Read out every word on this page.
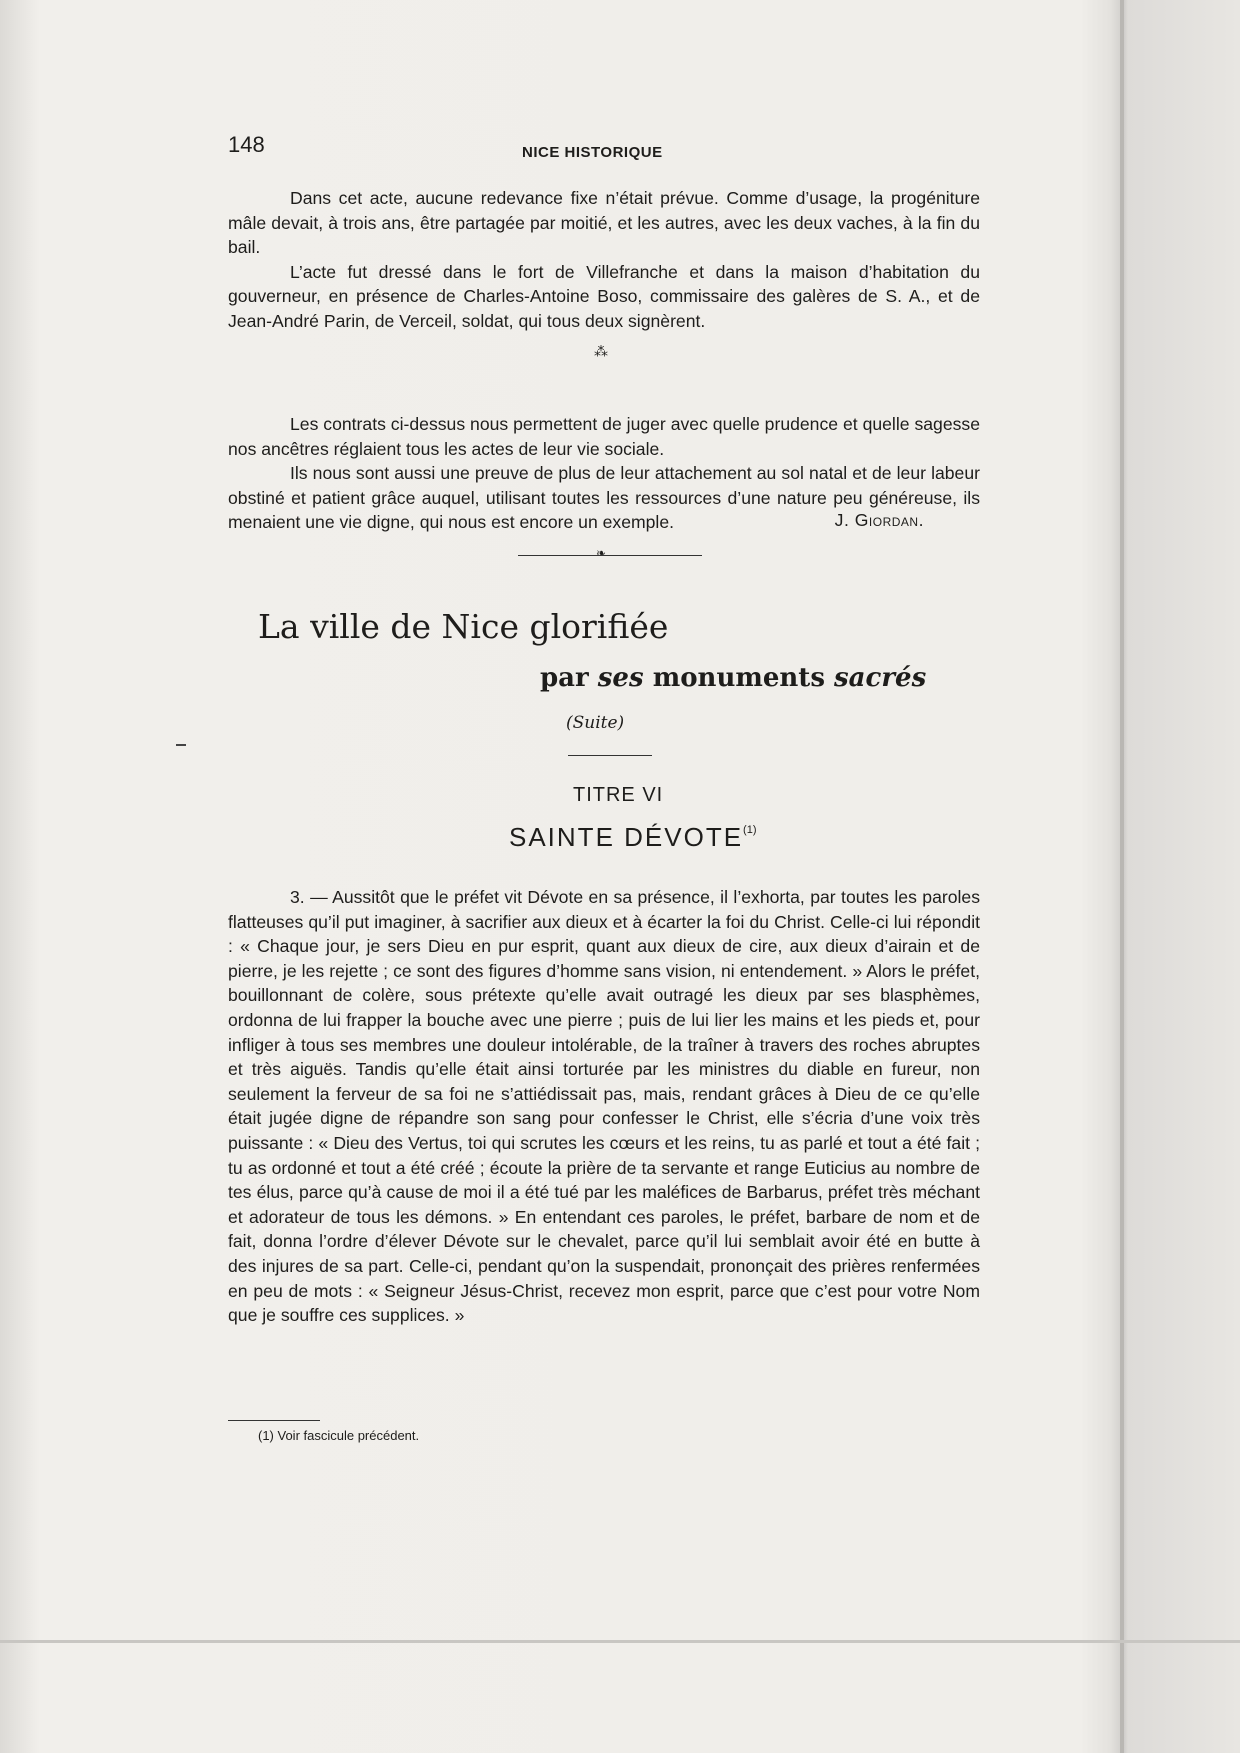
148	NICE HISTORIQUE

Dans cet acte, aucune redevance fixe n’était prévue. Comme d’usage, la progéniture mâle devait, à trois ans, être partagée par moitié, et les autres, avec les deux vaches, à la fin du bail.

L’acte fut dressé dans le fort de Villefranche et dans la maison d’habitation du gouverneur, en présence de Charles-Antoine Boso, commissaire des galères de S. A., et de Jean-André Parin, de Verceil, soldat, qui tous deux signèrent.

⁂

Les contrats ci-dessus nous permettent de juger avec quelle prudence et quelle sagesse nos ancêtres réglaient tous les actes de leur vie sociale.

Ils nous sont aussi une preuve de plus de leur attachement au sol natal et de leur labeur obstiné et patient grâce auquel, utilisant toutes les ressources d’une nature peu généreuse, ils menaient une vie digne, qui nous est encore un exemple.	J. Giordan.

❧
La ville de Nice glorifiée
par ses monuments sacrés

(Suite)

TITRE VI

SAINTE DÉVOTE$^{(1)}$

3. — Aussitôt que le préfet vit Dévote en sa présence, il l’exhorta, par toutes les paroles flatteuses qu’il put imaginer, à sacrifier aux dieux et à écarter la foi du Christ. Celle-ci lui répondit : « Chaque jour, je sers Dieu en pur esprit, quant aux dieux de cire, aux dieux d’airain et de pierre, je les rejette ; ce sont des figures d’homme sans vision, ni entendement. » Alors le préfet, bouillonnant de colère, sous prétexte qu’elle avait outragé les dieux par ses blasphèmes, ordonna de lui frapper la bouche avec une pierre ; puis de lui lier les mains et les pieds et, pour infliger à tous ses membres une douleur intolérable, de la traîner à travers des roches abruptes et très aiguës. Tandis qu’elle était ainsi torturée par les ministres du diable en fureur, non seulement la ferveur de sa foi ne s’attiédissait pas, mais, rendant grâces à Dieu de ce qu’elle était jugée digne de répandre son sang pour confesser le Christ, elle s’écria d’une voix très puissante : « Dieu des Vertus, toi qui scrutes les cœurs et les reins, tu as parlé et tout a été fait ; tu as ordonné et tout a été créé ; écoute la prière de ta servante et range Euticius au nombre de tes élus, parce qu’à cause de moi il a été tué par les maléfices de Barbarus, préfet très méchant et adorateur de tous les démons. » En entendant ces paroles, le préfet, barbare de nom et de fait, donna l’ordre d’élever Dévote sur le chevalet, parce qu’il lui semblait avoir été en butte à des injures de sa part. Celle-ci, pendant qu’on la suspendait, prononçait des prières renfermées en peu de mots : « Seigneur Jésus-Christ, recevez mon esprit, parce que c’est pour votre Nom que je souffre ces supplices. »

(1) Voir fascicule précédent.
